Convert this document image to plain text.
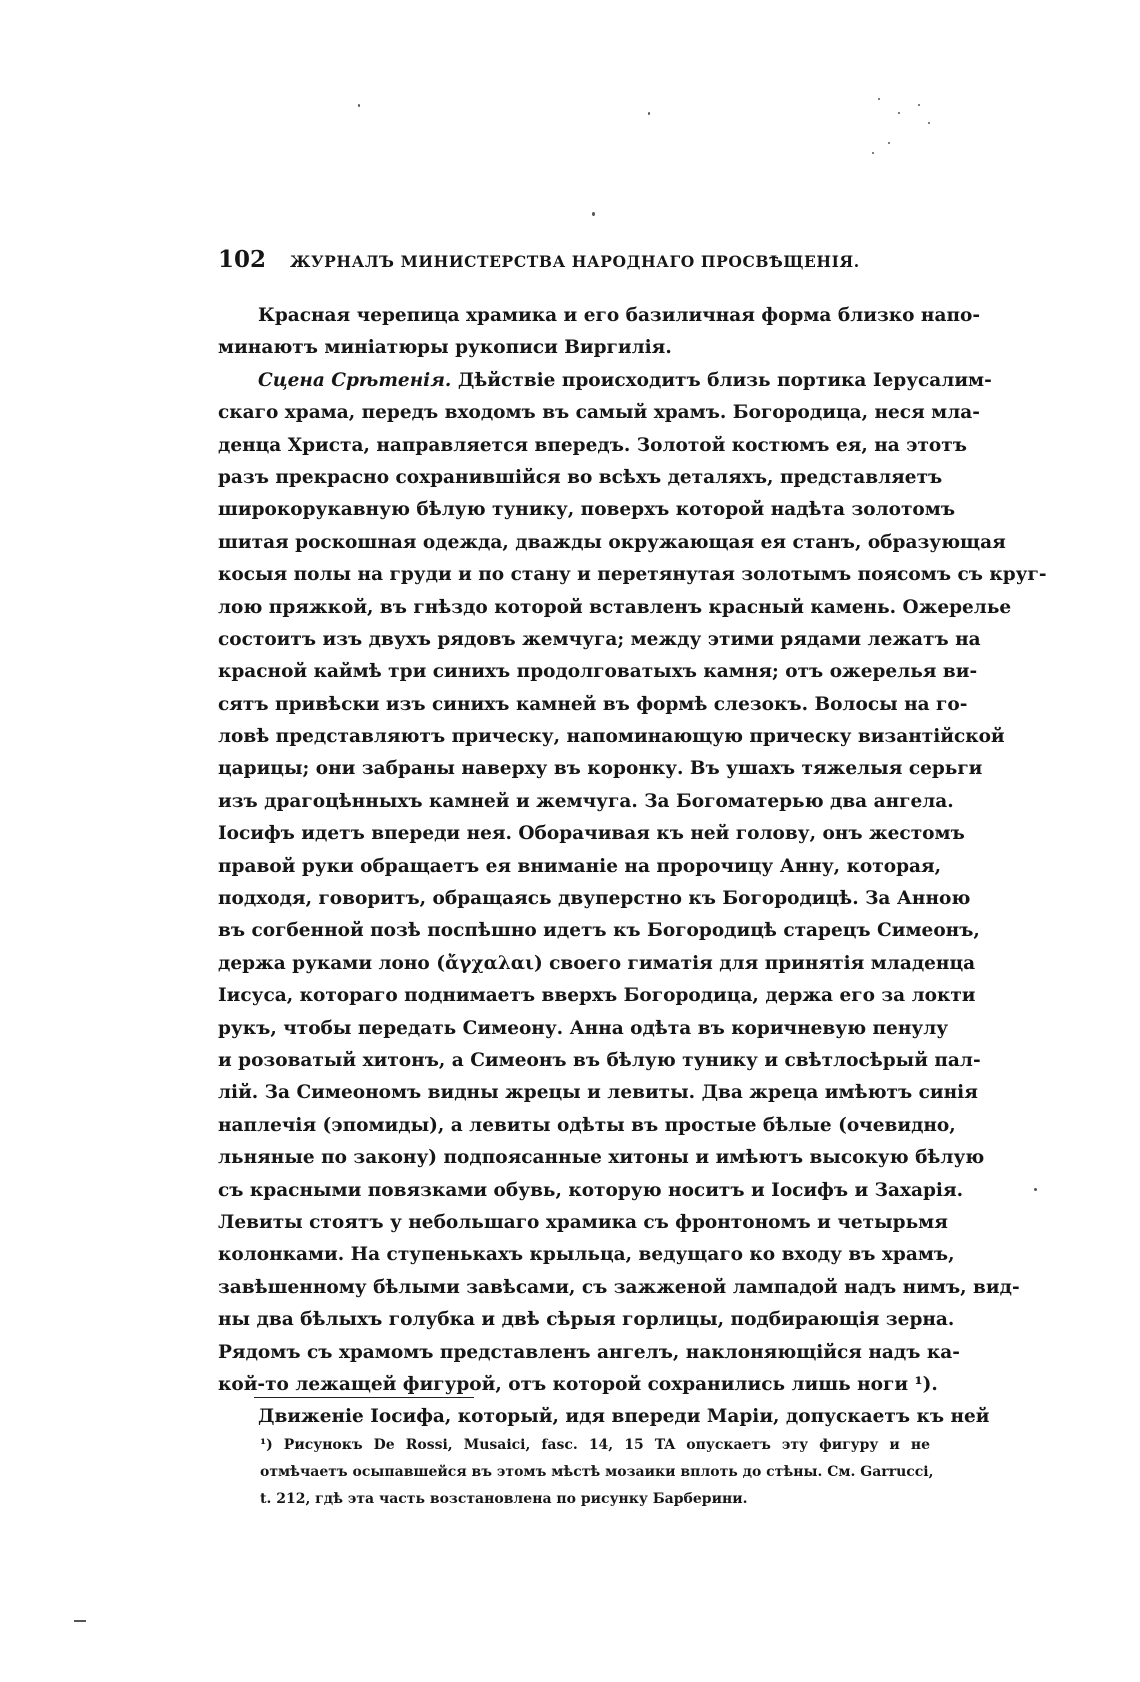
102 ЖУРНАЛЪ МИНИСТЕРСТВА НАРОДНАГО ПРОСВѢЩЕНІЯ.
Красная черепица храмика и его базиличная форма близко напо-
минаютъ миніатюры рукописи Виргилія.
Сцена Срѣтенія. Дѣйствіе происходитъ близь портика Іерусалим-
скаго храма, передъ входомъ въ самый храмъ. Богородица, неся мла-
денца Христа, направляется впередъ. Золотой костюмъ ея, на этотъ
разъ прекрасно сохранившійся во всѣхъ деталяхъ, представляетъ
широкорукавную бѣлую тунику, поверхъ которой надѣта золотомъ
шитая роскошная одежда, дважды окружающая ея станъ, образующая
косыя полы на груди и по стану и перетянутая золотымъ поясомъ съ круг-
лою пряжкой, въ гнѣздо которой вставленъ красный камень. Ожерелье
состоитъ изъ двухъ рядовъ жемчуга; между этими рядами лежатъ на
красной каймѣ три синихъ продолговатыхъ камня; отъ ожерелья ви-
сятъ привѣски изъ синихъ камней въ формѣ слезокъ. Волосы на го-
ловѣ представляютъ прическу, напоминающую прическу византійской
царицы; они забраны наверху въ коронку. Въ ушахъ тяжелыя серьги
изъ драгоцѣнныхъ камней и жемчуга. За Богоматерью два ангела.
Іосифъ идетъ впереди нея. Оборачивая къ ней голову, онъ жестомъ
правой руки обращаетъ ея вниманіе на пророчицу Анну, которая,
подходя, говоритъ, обращаясь двуперстно къ Богородицѣ. За Анною
въ согбенной позѣ поспѣшно идетъ къ Богородицѣ старецъ Симеонъ,
держа руками лоно (ἄγχαλαι) своего гиматія для принятія младенца
Іисуса, котораго поднимаетъ вверхъ Богородица, держа его за локти
рукъ, чтобы передать Симеону. Анна одѣта въ коричневую пенулу
и розоватый хитонъ, а Симеонъ въ бѣлую тунику и свѣтлосѣрый пал-
лій. За Симеономъ видны жрецы и левиты. Два жреца имѣютъ синія
наплечія (эпомиды), а левиты одѣты въ простые бѣлые (очевидно,
льняные по закону) подпоясанные хитоны и имѣютъ высокую бѣлую
съ красными повязками обувь, которую носитъ и Іосифъ и Захарія.
Левиты стоятъ у небольшаго храмика съ фронтономъ и четырьмя
колонками. На ступенькахъ крыльца, ведущаго ко входу въ храмъ,
завѣшенному бѣлыми завѣсами, съ зажженой лампадой надъ нимъ, вид-
ны два бѣлыхъ голубка и двѣ сѣрыя горлицы, подбирающія зерна.
Рядомъ съ храмомъ представленъ ангелъ, наклоняющійся надъ ка-
кой-то лежащей фигурой, отъ которой сохранились лишь ноги ¹).
Движеніе Іосифа, который, идя впереди Маріи, допускаетъ къ ней
¹) Рисунокъ De Rossi, Musaici, fasc. 14, 15 TA опускаетъ эту фигуру и не
отмѣчаетъ осыпавшейся въ этомъ мѣстѣ мозаики вплоть до стѣны. См. Garrucci,
t. 212, гдѣ эта часть возстановлена по рисунку Барберини.
